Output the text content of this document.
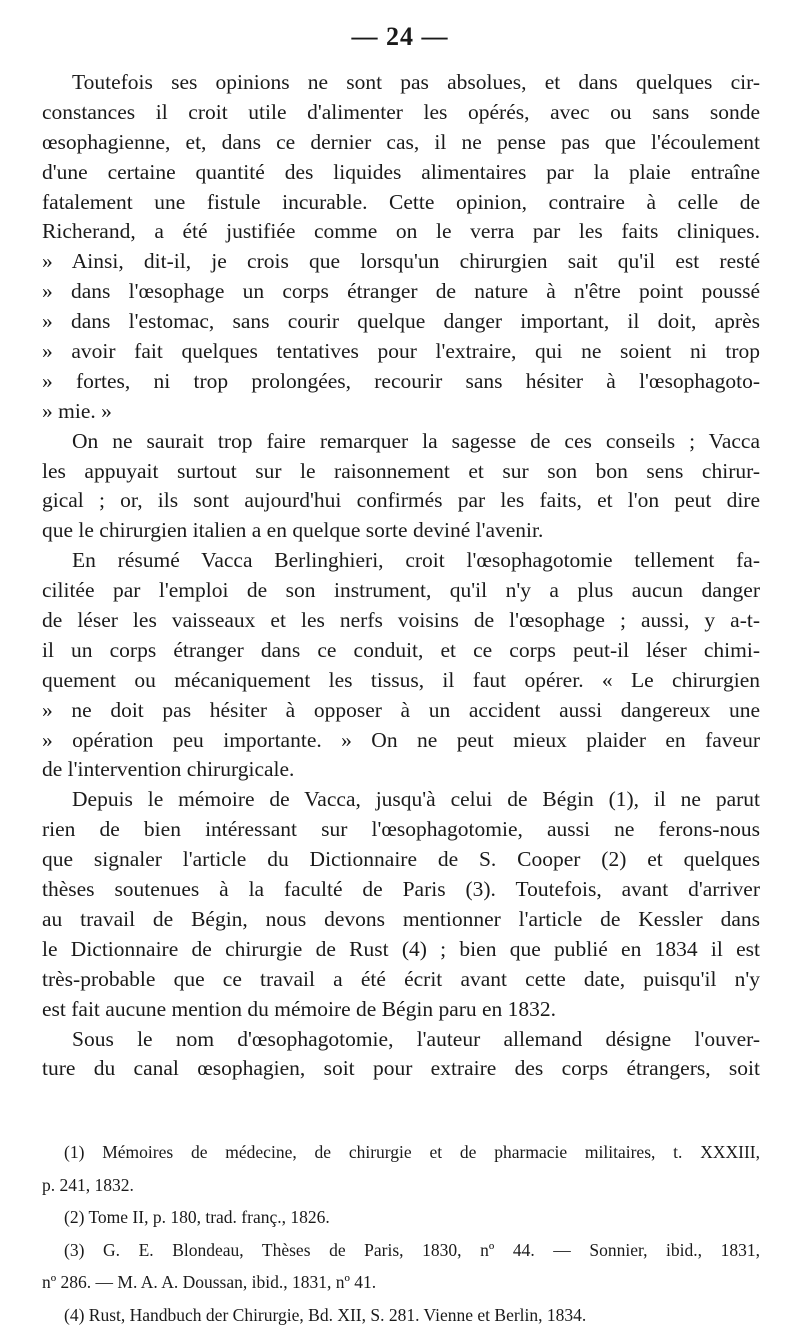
— 24 —
Toutefois ses opinions ne sont pas absolues, et dans quelques cir-
constances il croit utile d'alimenter les opérés, avec ou sans sonde
œsophagienne, et, dans ce dernier cas, il ne pense pas que l'écoulement
d'une certaine quantité des liquides alimentaires par la plaie entraîne
fatalement une fistule incurable. Cette opinion, contraire à celle de
Richerand, a été justifiée comme on le verra par les faits cliniques.
» Ainsi, dit-il, je crois que lorsqu'un chirurgien sait qu'il est resté
» dans l'œsophage un corps étranger de nature à n'être point poussé
» dans l'estomac, sans courir quelque danger important, il doit, après
» avoir fait quelques tentatives pour l'extraire, qui ne soient ni trop
» fortes, ni trop prolongées, recourir sans hésiter à l'œsophagoto-
» mie. »
On ne saurait trop faire remarquer la sagesse de ces conseils ; Vacca
les appuyait surtout sur le raisonnement et sur son bon sens chirur-
gical ; or, ils sont aujourd'hui confirmés par les faits, et l'on peut dire
que le chirurgien italien a en quelque sorte deviné l'avenir.
En résumé Vacca Berlinghieri, croit l'œsophagotomie tellement fa-
cilitée par l'emploi de son instrument, qu'il n'y a plus aucun danger
de léser les vaisseaux et les nerfs voisins de l'œsophage ; aussi, y a-t-
il un corps étranger dans ce conduit, et ce corps peut-il léser chimi-
quement ou mécaniquement les tissus, il faut opérer. « Le chirurgien
» ne doit pas hésiter à opposer à un accident aussi dangereux une
» opération peu importante. » On ne peut mieux plaider en faveur
de l'intervention chirurgicale.
Depuis le mémoire de Vacca, jusqu'à celui de Bégin (1), il ne parut
rien de bien intéressant sur l'œsophagotomie, aussi ne ferons-nous
que signaler l'article du Dictionnaire de S. Cooper (2) et quelques
thèses soutenues à la faculté de Paris (3). Toutefois, avant d'arriver
au travail de Bégin, nous devons mentionner l'article de Kessler dans
le Dictionnaire de chirurgie de Rust (4) ; bien que publié en 1834 il est
très-probable que ce travail a été écrit avant cette date, puisqu'il n'y
est fait aucune mention du mémoire de Bégin paru en 1832.
Sous le nom d'œsophagotomie, l'auteur allemand désigne l'ouver-
ture du canal œsophagien, soit pour extraire des corps étrangers, soit
(1) Mémoires de médecine, de chirurgie et de pharmacie militaires, t. XXXIII,
p. 241, 1832.
(2) Tome II, p. 180, trad. franç., 1826.
(3) G. E. Blondeau, Thèses de Paris, 1830, nº 44. — Sonnier, ibid., 1831,
nº 286. — M. A. A. Doussan, ibid., 1831, nº 41.
(4) Rust, Handbuch der Chirurgie, Bd. XII, S. 281. Vienne et Berlin, 1834.
